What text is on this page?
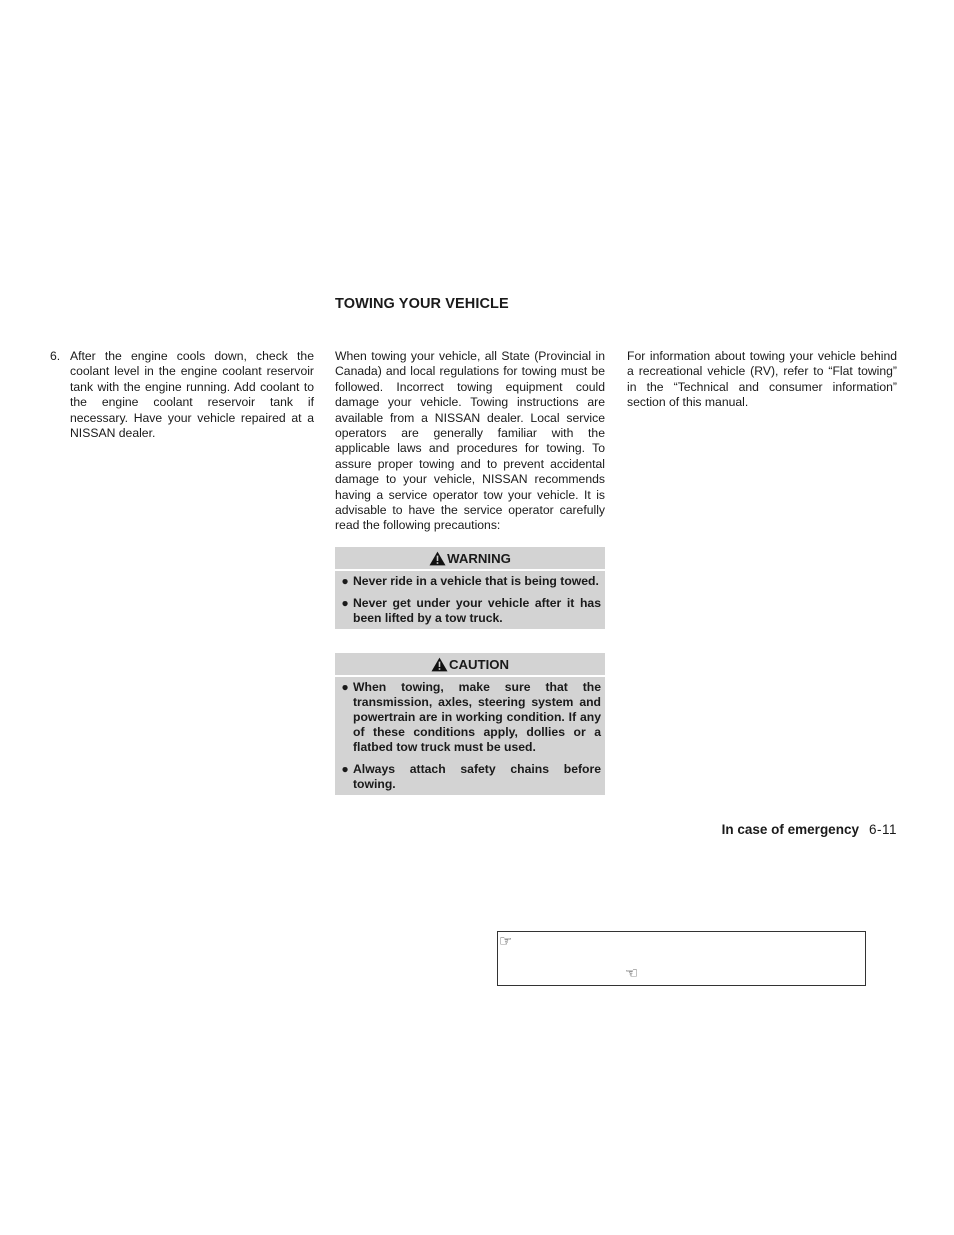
6. After the engine cools down, check the coolant level in the engine coolant reservoir tank with the engine running. Add coolant to the engine coolant reservoir tank if necessary. Have your vehicle repaired at a NISSAN dealer.
TOWING YOUR VEHICLE

When towing your vehicle, all State (Provincial in Canada) and local regulations for towing must be followed. Incorrect towing equipment could damage your vehicle. Towing instructions are available from a NISSAN dealer. Local service operators are generally familiar with the applicable laws and procedures for towing. To assure proper towing and to prevent accidental damage to your vehicle, NISSAN recommends having a service operator tow your vehicle. It is advisable to have the service operator carefully read the following precautions:

WARNING
● Never ride in a vehicle that is being towed.
● Never get under your vehicle after it has been lifted by a tow truck.
CAUTION
● When towing, make sure that the transmission, axles, steering system and powertrain are in working condition. If any of these conditions apply, dollies or a flatbed tow truck must be used.
● Always attach safety chains before towing.

For information about towing your vehicle behind a recreational vehicle (RV), refer to “Flat towing” in the “Technical and consumer information” section of this manual.

In case of emergency 6-11
☞
☜
